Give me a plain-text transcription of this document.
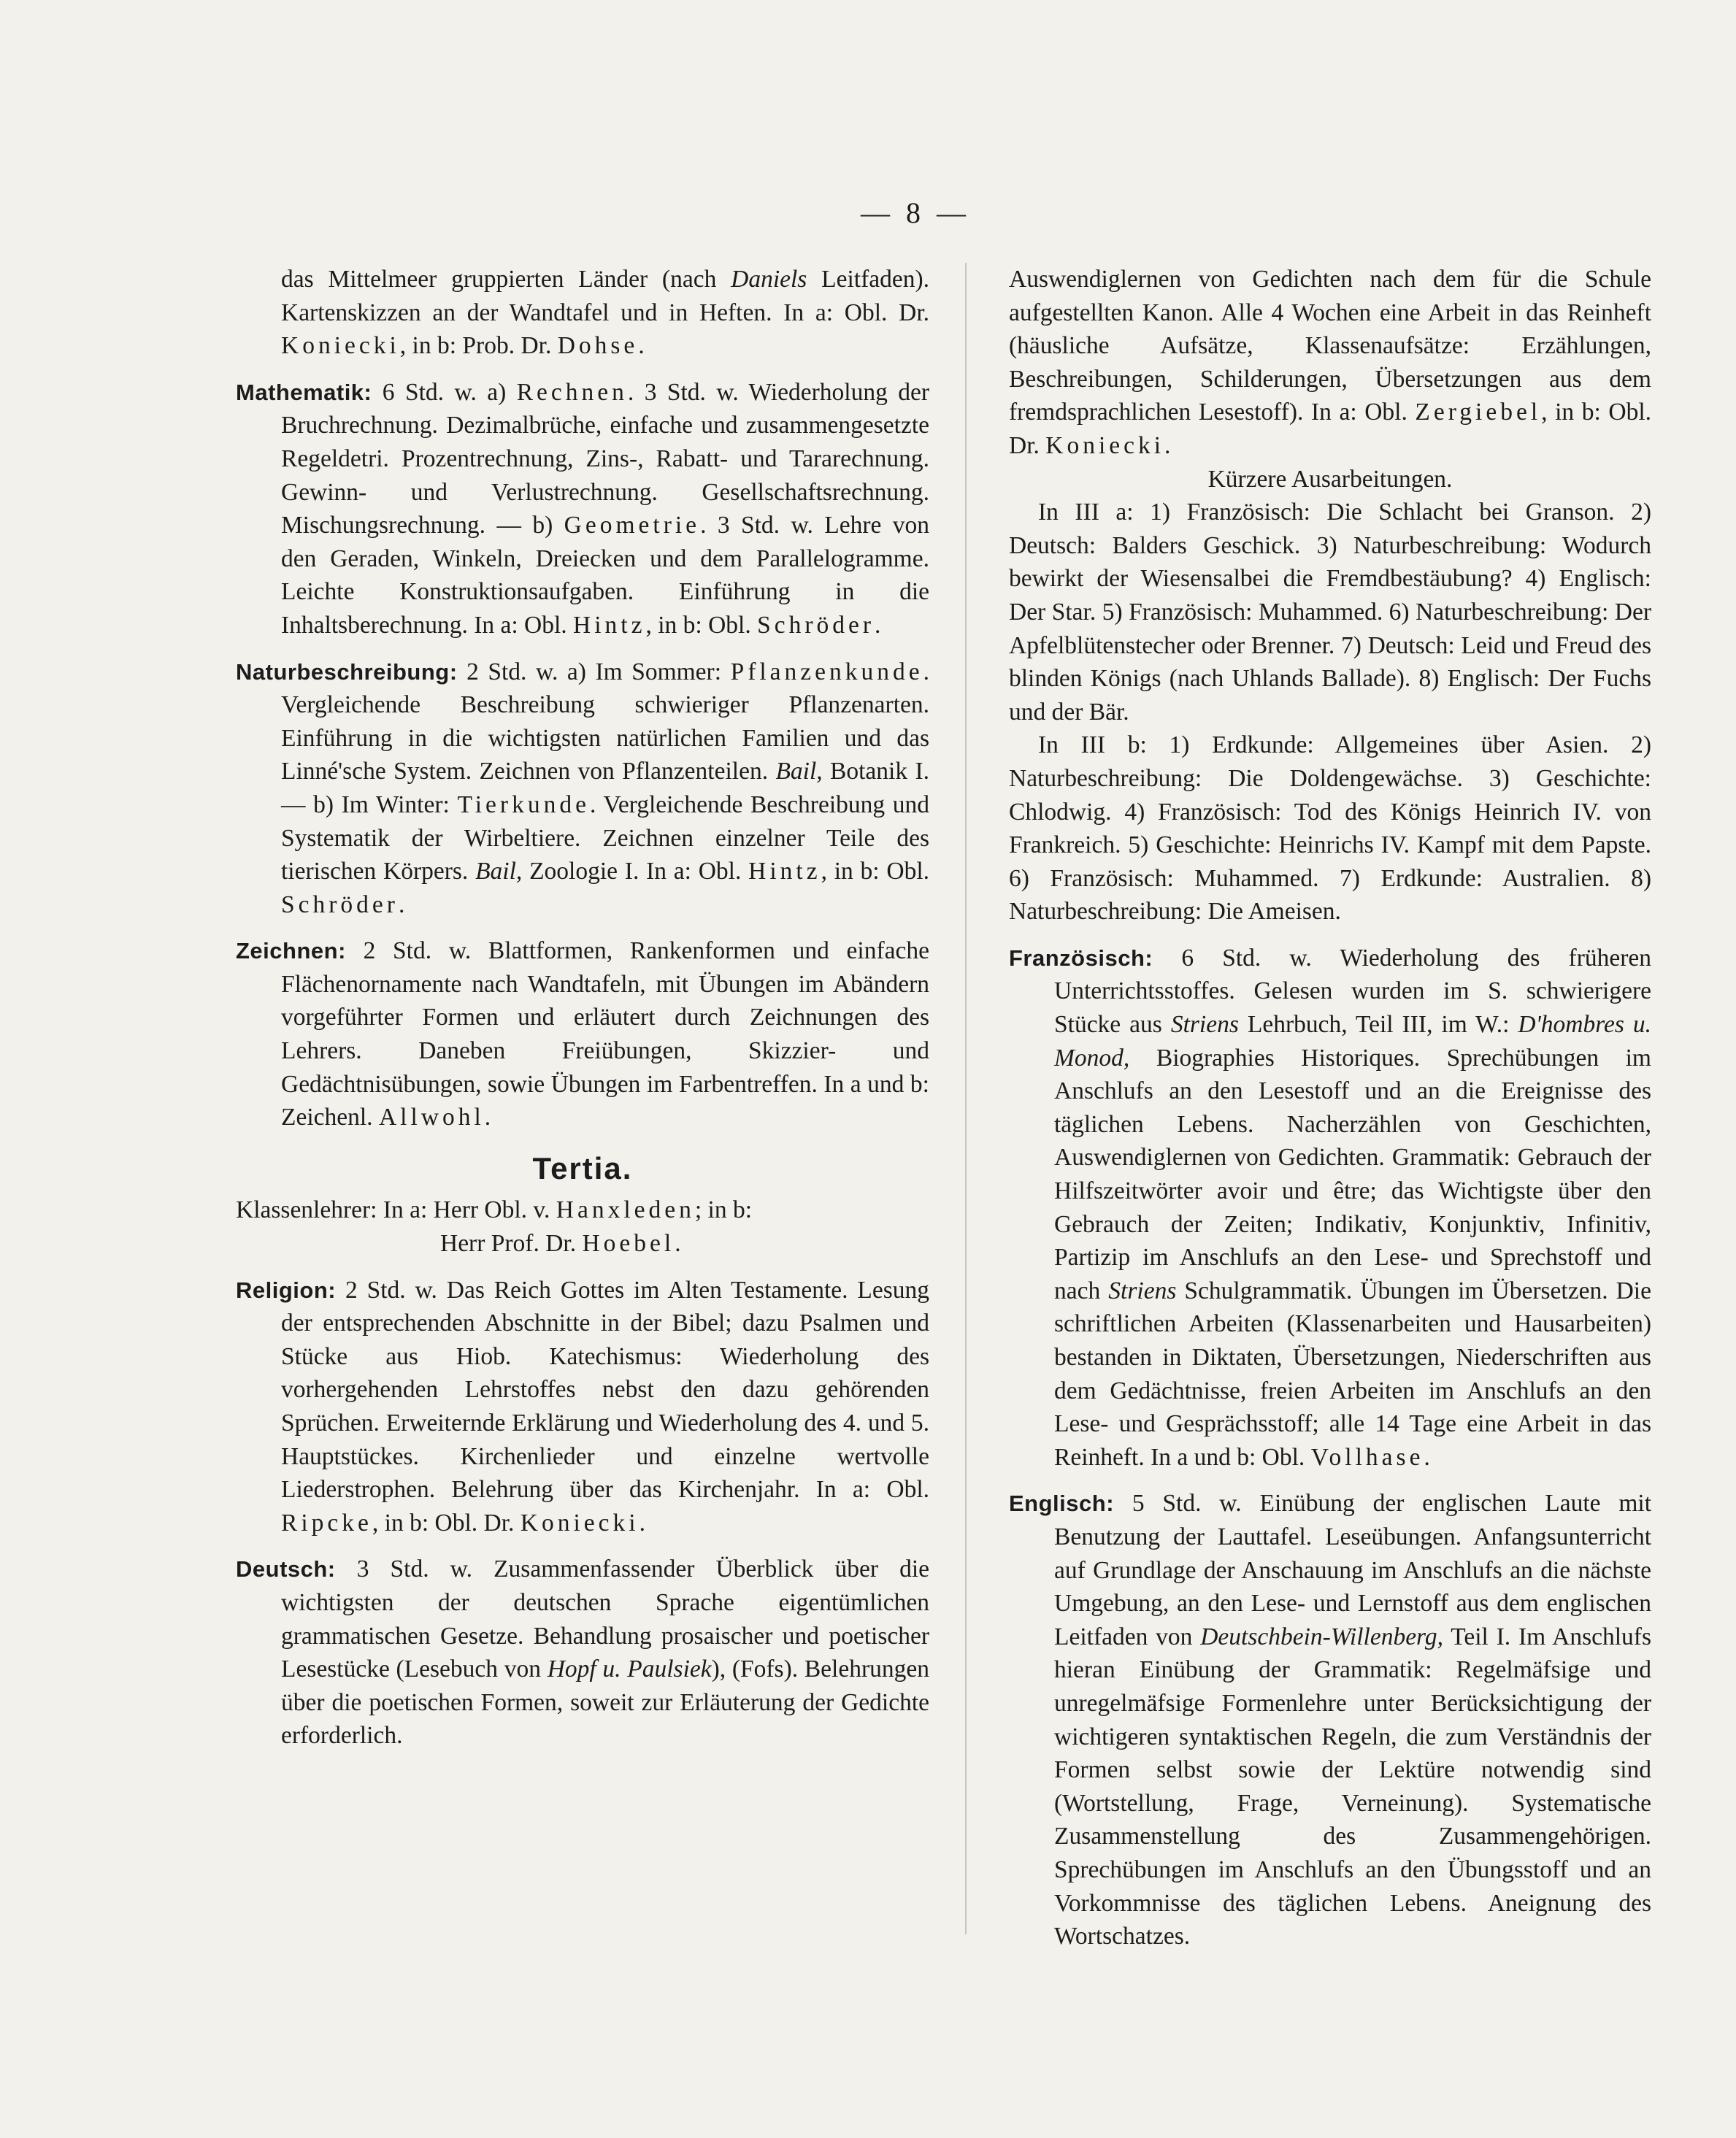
— 8 —

das Mittelmeer gruppierten Länder (nach Daniels Leitfaden). Kartenskizzen an der Wandtafel und in Heften. In a: Obl. Dr. Koniecki, in b: Prob. Dr. Dohse.

Mathematik: 6 Std. w. a) Rechnen. 3 Std. w. Wiederholung der Bruchrechnung. Dezimalbrüche, einfache und zusammengesetzte Regeldetri. Prozentrechnung, Zins-, Rabatt- und Tararechnung. Gewinn- und Verlustrechnung. Gesellschaftsrechnung. Mischungsrechnung. — b) Geometrie. 3 Std. w. Lehre von den Geraden, Winkeln, Dreiecken und dem Parallelogramme. Leichte Konstruktionsaufgaben. Einführung in die Inhaltsberechnung. In a: Obl. Hintz, in b: Obl. Schröder.

Naturbeschreibung: 2 Std. w. a) Im Sommer: Pflanzenkunde. Vergleichende Beschreibung schwieriger Pflanzenarten. Einführung in die wichtigsten natürlichen Familien und das Linné'sche System. Zeichnen von Pflanzenteilen. Bail, Botanik I. — b) Im Winter: Tierkunde. Vergleichende Beschreibung und Systematik der Wirbeltiere. Zeichnen einzelner Teile des tierischen Körpers. Bail, Zoologie I. In a: Obl. Hintz, in b: Obl. Schröder.

Zeichnen: 2 Std. w. Blattformen, Rankenformen und einfache Flächenornamente nach Wandtafeln, mit Übungen im Abändern vorgeführter Formen und erläutert durch Zeichnungen des Lehrers. Daneben Freiübungen, Skizzier- und Gedächtnisübungen, sowie Übungen im Farbentreffen. In a und b: Zeichenl. Allwohl.

Tertia.

Klassenlehrer: In a: Herr Obl. v. Hanxleden; in b:
Herr Prof. Dr. Hoebel.

Religion: 2 Std. w. Das Reich Gottes im Alten Testamente. Lesung der entsprechenden Abschnitte in der Bibel; dazu Psalmen und Stücke aus Hiob. Katechismus: Wiederholung des vorhergehenden Lehrstoffes nebst den dazu gehörenden Sprüchen. Erweiternde Erklärung und Wiederholung des 4. und 5. Hauptstückes. Kirchenlieder und einzelne wertvolle Liederstrophen. Belehrung über das Kirchenjahr. In a: Obl. Ripcke, in b: Obl. Dr. Koniecki.

Deutsch: 3 Std. w. Zusammenfassender Überblick über die wichtigsten der deutschen Sprache eigentümlichen grammatischen Gesetze. Behandlung prosaischer und poetischer Lesestücke (Lesebuch von Hopf u. Paulsiek), (Fofs). Belehrungen über die poetischen Formen, soweit zur Erläuterung der Gedichte erforderlich.

Auswendiglernen von Gedichten nach dem für die Schule aufgestellten Kanon. Alle 4 Wochen eine Arbeit in das Reinheft (häusliche Aufsätze, Klassenaufsätze: Erzählungen, Beschreibungen, Schilderungen, Übersetzungen aus dem fremdsprachlichen Lesestoff). In a: Obl. Zergiebel, in b: Obl. Dr. Koniecki.

Kürzere Ausarbeitungen.

In III a: 1) Französisch: Die Schlacht bei Granson. 2) Deutsch: Balders Geschick. 3) Naturbeschreibung: Wodurch bewirkt der Wiesensalbei die Fremdbestäubung? 4) Englisch: Der Star. 5) Französisch: Muhammed. 6) Naturbeschreibung: Der Apfelblütenstecher oder Brenner. 7) Deutsch: Leid und Freud des blinden Königs (nach Uhlands Ballade). 8) Englisch: Der Fuchs und der Bär.

In III b: 1) Erdkunde: Allgemeines über Asien. 2) Naturbeschreibung: Die Doldengewächse. 3) Geschichte: Chlodwig. 4) Französisch: Tod des Königs Heinrich IV. von Frankreich. 5) Geschichte: Heinrichs IV. Kampf mit dem Papste. 6) Französisch: Muhammed. 7) Erdkunde: Australien. 8) Naturbeschreibung: Die Ameisen.

Französisch: 6 Std. w. Wiederholung des früheren Unterrichtsstoffes. Gelesen wurden im S. schwierigere Stücke aus Striens Lehrbuch, Teil III, im W.: D'hombres u. Monod, Biographies Historiques. Sprechübungen im Anschlufs an den Lesestoff und an die Ereignisse des täglichen Lebens. Nacherzählen von Geschichten, Auswendiglernen von Gedichten. Grammatik: Gebrauch der Hilfszeitwörter avoir und être; das Wichtigste über den Gebrauch der Zeiten; Indikativ, Konjunktiv, Infinitiv, Partizip im Anschlufs an den Lese- und Sprechstoff und nach Striens Schulgrammatik. Übungen im Übersetzen. Die schriftlichen Arbeiten (Klassenarbeiten und Hausarbeiten) bestanden in Diktaten, Übersetzungen, Niederschriften aus dem Gedächtnisse, freien Arbeiten im Anschlufs an den Lese- und Gesprächsstoff; alle 14 Tage eine Arbeit in das Reinheft. In a und b: Obl. Vollhase.

Englisch: 5 Std. w. Einübung der englischen Laute mit Benutzung der Lauttafel. Leseübungen. Anfangsunterricht auf Grundlage der Anschauung im Anschlufs an die nächste Umgebung, an den Lese- und Lernstoff aus dem englischen Leitfaden von Deutschbein-Willenberg, Teil I. Im Anschlufs hieran Einübung der Grammatik: Regelmäfsige und unregelmäfsige Formenlehre unter Berücksichtigung der wichtigeren syntaktischen Regeln, die zum Verständnis der Formen selbst sowie der Lektüre notwendig sind (Wortstellung, Frage, Verneinung). Systematische Zusammenstellung des Zusammengehörigen. Sprechübungen im Anschlufs an den Übungsstoff und an Vorkommnisse des täglichen Lebens. Aneignung des Wortschatzes.
